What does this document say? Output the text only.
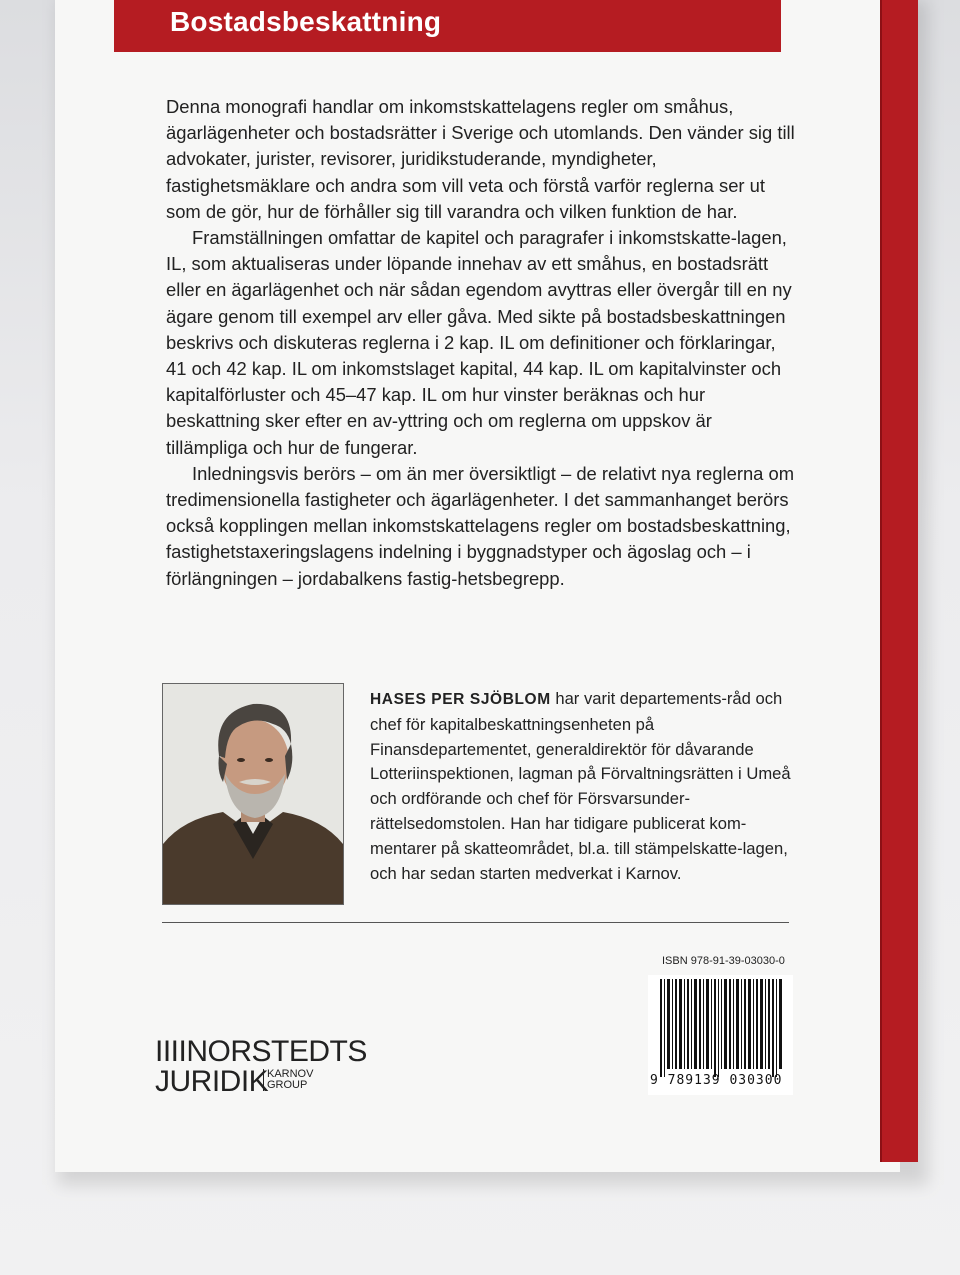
Bostadsbeskattning

Denna monografi handlar om inkomstskattelagens regler om småhus, ägarlägenheter och bostadsrätter i Sverige och utomlands. Den vänder sig till advokater, jurister, revisorer, juridikstuderande, myndigheter, fastighetsmäklare och andra som vill veta och förstå varför reglerna ser ut som de gör, hur de förhåller sig till varandra och vilken funktion de har.

Framställningen omfattar de kapitel och paragrafer i inkomstskatte-lagen, IL, som aktualiseras under löpande innehav av ett småhus, en bostadsrätt eller en ägarlägenhet och när sådan egendom avyttras eller övergår till en ny ägare genom till exempel arv eller gåva. Med sikte på bostadsbeskattningen beskrivs och diskuteras reglerna i 2 kap. IL om definitioner och förklaringar, 41 och 42 kap. IL om inkomstslaget kapital, 44 kap. IL om kapitalvinster och kapitalförluster och 45–47 kap. IL om hur vinster beräknas och hur beskattning sker efter en av-yttring och om reglerna om uppskov är tillämpliga och hur de fungerar.

Inledningsvis berörs – om än mer översiktligt – de relativt nya reglerna om tredimensionella fastigheter och ägarlägenheter. I det sammanhanget berörs också kopplingen mellan inkomstskattelagens regler om bostadsbeskattning, fastighetstaxeringslagens indelning i byggnadstyper och ägoslag och – i förlängningen – jordabalkens fastig-hetsbegrepp.

HASES PER SJÖBLOM har varit departements-råd och chef för kapitalbeskattningsenheten på Finansdepartementet, generaldirektör för dåvarande Lotteriinspektionen, lagman på Förvaltningsrätten i Umeå och ordförande och chef för Försvarsunder-rättelsedomstolen. Han har tidigare publicerat kom-mentarer på skatteområdet, bl.a. till stämpelskatte-lagen, och har sedan starten medverkat i Karnov.
ISBN 978-91-39-03030-0
9 789139 030300
IIIINORSTEDTS
JURIDIK
KARNOV
GROUP
